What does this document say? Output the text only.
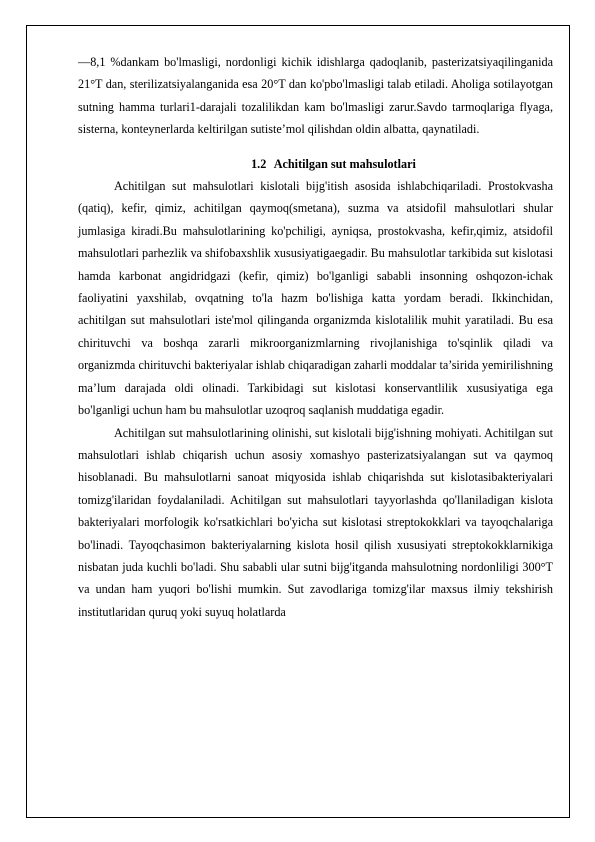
—8,1 %dankam bo'lmasligi, nordonligi kichik idishlarga qadoqlanib, pasterizatsiyaqilinganida 21°T dan, sterilizatsiyalanganida esa 20°T dan ko'pbo'lmasligi talab etiladi. Aholiga sotilayotgan sutning hamma turlari1-darajali tozalilikdan kam bo'lmasligi zarur.Savdo tarmoqlariga flyaga, sisterna, konteynerlarda keltirilgan sutiste’mol qilishdan oldin albatta, qaynatiladi.

1.2 Achitilgan sut mahsulotlari

Achitilgan sut mahsulotlari kislotali bijg'itish asosida ishlabchiqariladi. Prostokvasha (qatiq), kefir, qimiz, achitilgan qaymoq(smetana), suzma va atsidofil mahsulotlari shular jumlasiga kiradi.Bu mahsulotlarining ko'pchiligi, ayniqsa, prostokvasha, kefir,qimiz, atsidofil mahsulotlari parhezlik va shifobaxshlik xususiyatigaegadir. Bu mahsulotlar tarkibida sut kislotasi hamda karbonat angidridgazi (kefir, qimiz) bo'lganligi sababli insonning oshqozon-ichak faoliyatini yaxshilab, ovqatning to'la hazm bo'lishiga katta yordam beradi. Ikkinchidan, achitilgan sut mahsulotlari iste'mol qilinganda organizmda kislotalilik muhit yaratiladi. Bu esa chirituvchi va boshqa zararli mikroorganizmlarning rivojlanishiga to'sqinlik qiladi va organizmda chirituvchi bakteriyalar ishlab chiqaradigan zaharli moddalar ta’sirida yemirilishning ma’lum darajada oldi olinadi. Tarkibidagi sut kislotasi konservantlilik xususiyatiga ega bo'lganligi uchun ham bu mahsulotlar uzoqroq saqlanish muddatiga egadir.

Achitilgan sut mahsulotlarining olinishi, sut kislotali bijg'ishning mohiyati. Achitilgan sut mahsulotlari ishlab chiqarish uchun asosiy xomashyo pasterizatsiyalangan sut va qaymoq hisoblanadi. Bu mahsulotlarni sanoat miqyosida ishlab chiqarishda sut kislotasibakteriyalari tomizg'ilaridan foydalaniladi. Achitilgan sut mahsulotlari tayyorlashda qo'llaniladigan kislota bakteriyalari morfologik ko'rsatkichlari bo'yicha sut kislotasi streptokokklari va tayoqchalariga bo'linadi. Tayoqchasimon bakteriyalarning kislota hosil qilish xususiyati streptokokklarnikiga nisbatan juda kuchli bo'ladi. Shu sababli ular sutni bijg'itganda mahsulotning nordonliligi 300°T va undan ham yuqori bo'lishi mumkin. Sut zavodlariga tomizg'ilar maxsus ilmiy tekshirish institutlaridan quruq yoki suyuq holatlarda
